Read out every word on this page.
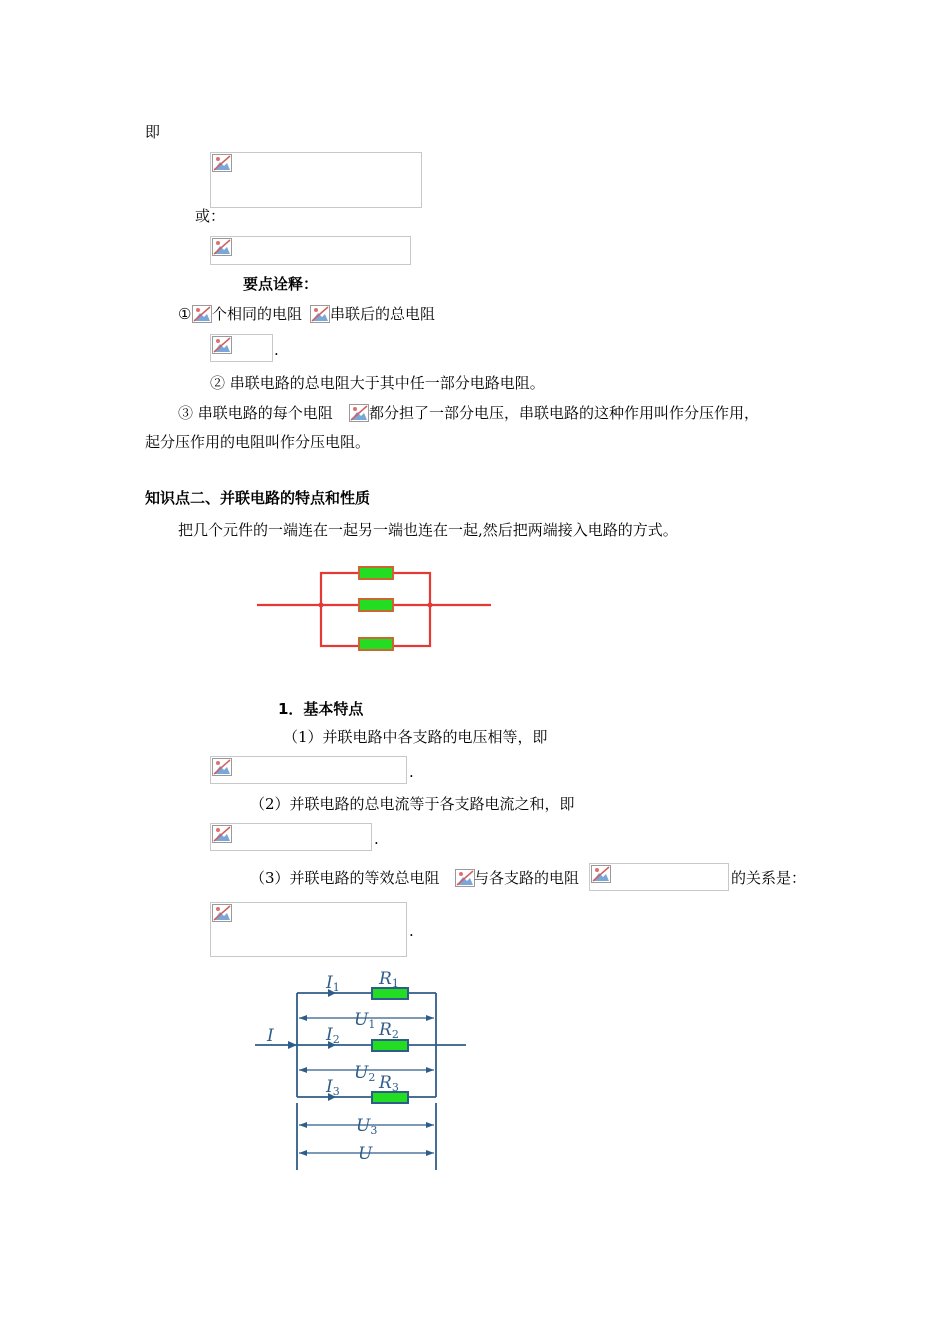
即
或：
要点诠释：
① 个相同的电阻 串联后的总电阻
.
② 串联电路的总电阻大于其中任一部分电路电阻。
③ 串联电路的每个电阻 都分担了一部分电压，串联电路的这种作用叫作分压作用，
起分压作用的电阻叫作分压电阻。
知识点二、并联电路的特点和性质
把几个元件的一端连在一起另一端也连在一起,然后把两端接入电路的方式。
1．基本特点
（1）并联电路中各支路的电压相等，即
.
（2）并联电路的总电流等于各支路电流之和，即
.
（3）并联电路的等效总电阻 与各支路的电阻	的关系是：
.
I
I1 R1
U1
I2 R2
U2
I3 R3
U3
U
